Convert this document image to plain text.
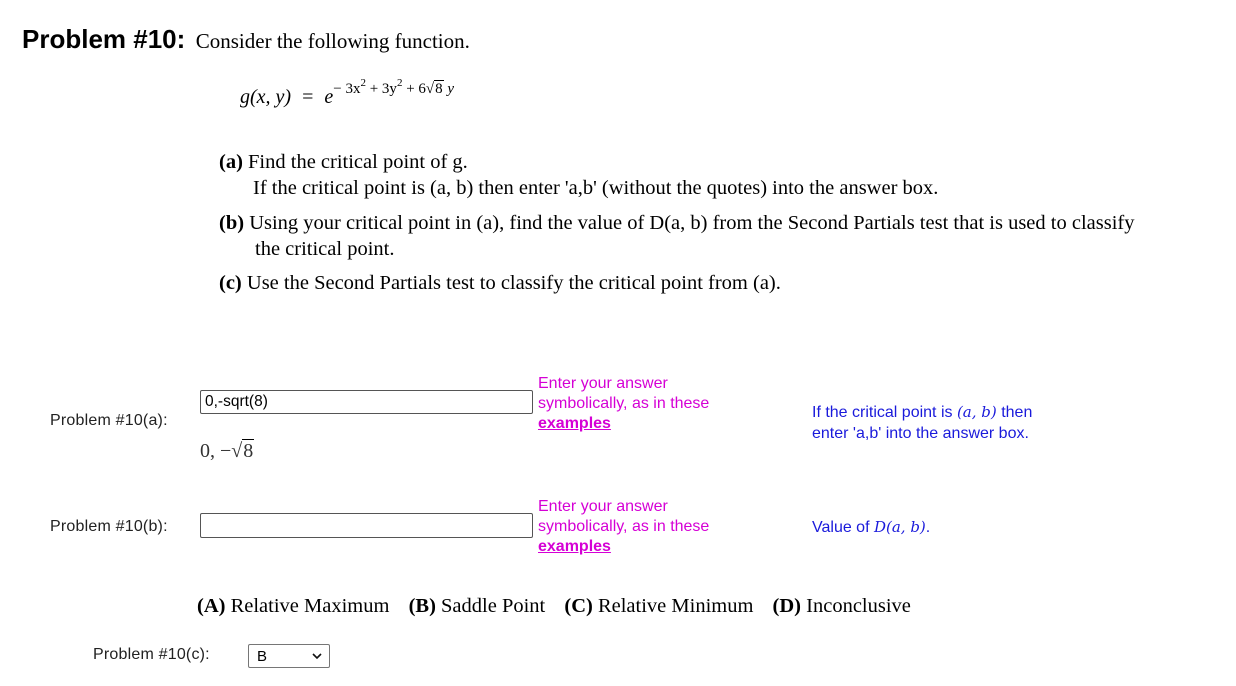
Problem #10: Consider the following function.
g(x, $y) = e^{- 3x^2 + 3y^2 + 6√8 y}$
(a) Find the critical point of g.
If the critical point is (a, b) then enter 'a,b' (without the quotes) into the answer box.
(b) Using your critical point in (a), find the value of D(a, b) from the Second Partials test that is used to classify
the critical point.
(c) Use the Second Partials test to classify the critical point from (a).
Problem #10(a):
0,-sqrt(8)
0, −√8
Enter your answer
symbolically, as in these
examples
If the critical point is (a, b) then
enter 'a,b' into the answer box.
Problem #10(b):
Enter your answer
symbolically, as in these
examples
Value of D(a, b).
(A) Relative Maximum (B) Saddle Point (C) Relative Minimum (D) Inconclusive
Problem #10(c):	B
